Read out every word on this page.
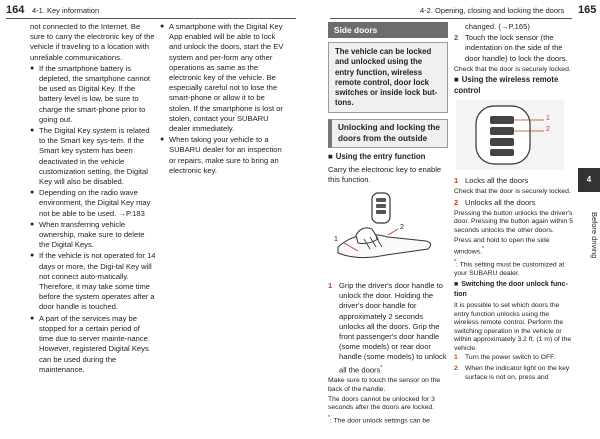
164 4-1. Key information	4-2. Opening, closing and locking the doors 165

not connected to the Internet. Be sure to carry the electronic key of the vehicle if traveling to a location with unreliable communications.

● If the smartphone battery is depleted, the smartphone cannot be used as Digital Key. If the battery level is low, be sure to charge the smart-phone prior to going out.
● The Digital Key system is related to the Smart key sys-tem. If the Smart key system has been deactivated in the vehicle customization setting, the Digital Key will also be disabled.
● Depending on the radio wave environment, the Digital Key may not be able to be used. →P.183
● When transferring vehicle ownership, make sure to delete the Digital Keys.
● If the vehicle is not operated for 14 days or more, the Digi-tal Key will not connect auto-matically. Therefore, it may take some time before the system operates after a door handle is touched.
● A part of the services may be stopped for a certain period of time due to server mainte-nance. However, registered Digital Keys can be used during the maintenance.
● A smartphone with the Digital Key App enabled will be able to lock and unlock the doors, start the EV system and per-form any other operations as same as the electronic key of the vehicle. Be especially careful not to lose the smart-phone or allow it to be stolen. If the smartphone is lost or stolen, contact your SUBARU dealer immediately.
● When taking your vehicle to a SUBARU dealer for an inspection or repairs, make sure to bring an electronic key.
Side doors
The vehicle can be locked and unlocked using the entry function, wireless remote control, door lock switches or inside lock but-tons.
Unlocking and locking the doors from the outside
■ Using the entry function

Carry the electronic key to enable this function.

1
2
1 Grip the driver's door handle to unlock the door. Holding the driver's door handle for approximately 2 seconds unlocks all the doors. Grip the front passenger's door handle (some models) or rear door handle (some models) to unlock all the doors*

Make sure to touch the sensor on the back of the handle.

The doors cannot be unlocked for 3 seconds after the doors are locked.

*: The door unlock settings can be

changed. (→P.165)

2 Touch the lock sensor (the indentation on the side of the door handle) to lock the doors.

Check that the door is securely locked.

■ Using the wireless remote control
1
2
1 Locks all the doors

Check that the door is securely locked.

2 Unlocks all the doors

Pressing the button unlocks the driver's door. Pressing the button again within 5 seconds unlocks the other doors.

Press and hold to open the side windows.*

*: This setting must be customized at your SUBARU dealer.

■ Switching the door unlock func-tion

It is possible to set which doors the entry function unlocks using the wireless remote control. Perform the switching operation in the vehicle or within approximately 3.2 ft. (1 m) of the vehicle.

1 Turn the power switch to OFF.
2 When the indicator light on the key surface is not on, press and
4
Before driving
